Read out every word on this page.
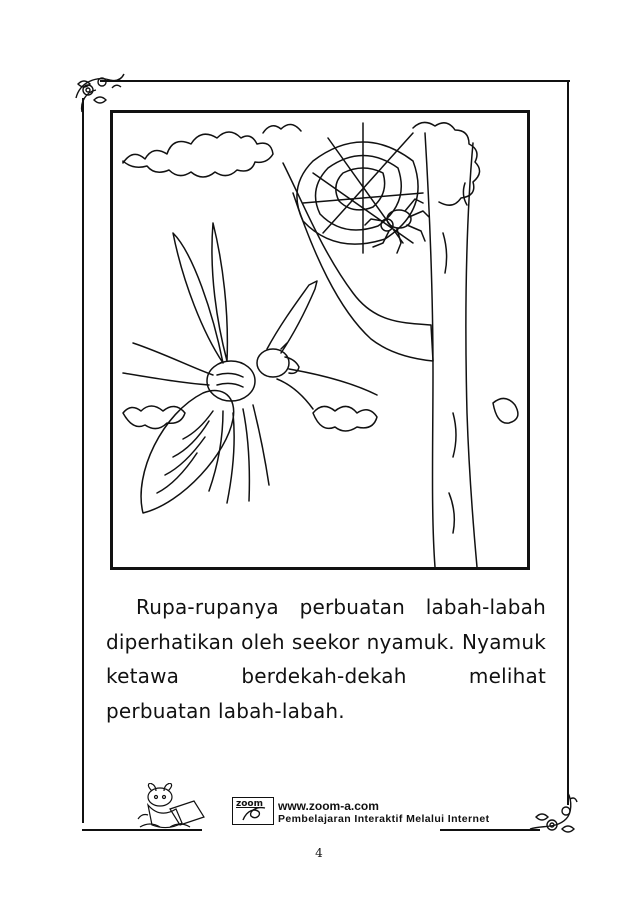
Rupa-rupanya perbuatan labah-labah diperhatikan oleh seekor nyamuk. Nyamuk ketawa berdekah-dekah melihat perbuatan labah-labah.

zoom www.zoom-a.com
Pembelajaran Interaktif Melalui Internet
4
